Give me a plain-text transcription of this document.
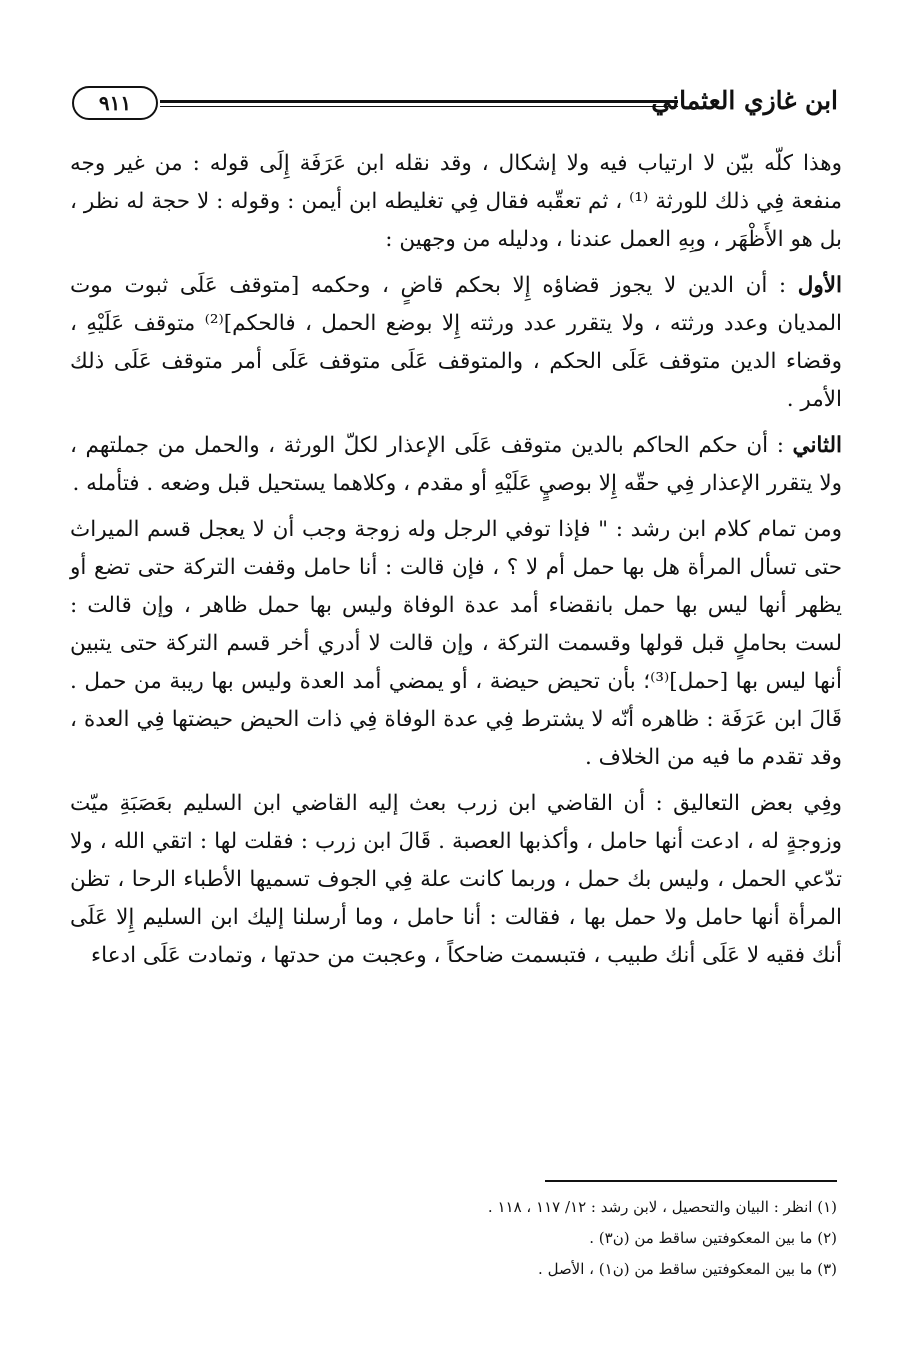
٩١١	ابن غازي العثماني

وهذا كلّه بيّن لا ارتياب فيه ولا إشكال ، وقد نقله ابن عَرَفَة إِلَى قوله : من غير وجه منفعة فِي ذلك للورثة ⁽¹⁾ ، ثم تعقّبه فقال فِي تغليطه ابن أيمن : وقوله : لا حجة له نظر ، بل هو الأَظْهَر ، وبِهِ العمل عندنا ، ودليله من وجهين :

الأول : أن الدين لا يجوز قضاؤه إِلا بحكم قاضٍ ، وحكمه [متوقف عَلَى ثبوت موت المديان وعدد ورثته ، ولا يتقرر عدد ورثته إِلا بوضع الحمل ، فالحكم]⁽²⁾ متوقف عَلَيْهِ ، وقضاء الدين متوقف عَلَى الحكم ، والمتوقف عَلَى متوقف عَلَى أمر متوقف عَلَى ذلك الأمر .

الثاني : أن حكم الحاكم بالدين متوقف عَلَى الإعذار لكلّ الورثة ، والحمل من جملتهم ، ولا يتقرر الإعذار فِي حقّه إِلا بوصيٍ عَلَيْهِ أو مقدم ، وكلاهما يستحيل قبل وضعه . فتأمله .

ومن تمام كلام ابن رشد : " فإذا توفي الرجل وله زوجة وجب أن لا يعجل قسم الميراث حتى تسأل المرأة هل بها حمل أم لا ؟ ، فإن قالت : أنا حامل وقفت التركة حتى تضع أو يظهر أنها ليس بها حمل بانقضاء أمد عدة الوفاة وليس بها حمل ظاهر ، وإن قالت : لست بحاملٍ قبل قولها وقسمت التركة ، وإن قالت لا أدري أخر قسم التركة حتى يتبين أنها ليس بها [حمل]⁽³⁾؛ بأن تحيض حيضة ، أو يمضي أمد العدة وليس بها ريبة من حمل . قَالَ ابن عَرَفَة : ظاهره أنّه لا يشترط فِي عدة الوفاة فِي ذات الحيض حيضتها فِي العدة ، وقد تقدم ما فيه من الخلاف .

وفِي بعض التعاليق : أن القاضي ابن زرب بعث إليه القاضي ابن السليم بعَصَبَةِ ميّت وزوجةٍ له ، ادعت أنها حامل ، وأكذبها العصبة . قَالَ ابن زرب : فقلت لها : اتقي الله ، ولا تدّعي الحمل ، وليس بك حمل ، وربما كانت علة فِي الجوف تسميها الأطباء الرحا ، تظن المرأة أنها حامل ولا حمل بها ، فقالت : أنا حامل ، وما أرسلنا إليك ابن السليم إِلا عَلَى أنك فقيه لا عَلَى أنك طبيب ، فتبسمت ضاحكاً ، وعجبت من حدتها ، وتمادت عَلَى ادعاء

(١) انظر : البيان والتحصيل ، لابن رشد : ١٢/ ١١٧ ، ١١٨ .

(٢) ما بين المعكوفتين ساقط من (ن٣) .

(٣) ما بين المعكوفتين ساقط من (ن١) ، الأصل .
